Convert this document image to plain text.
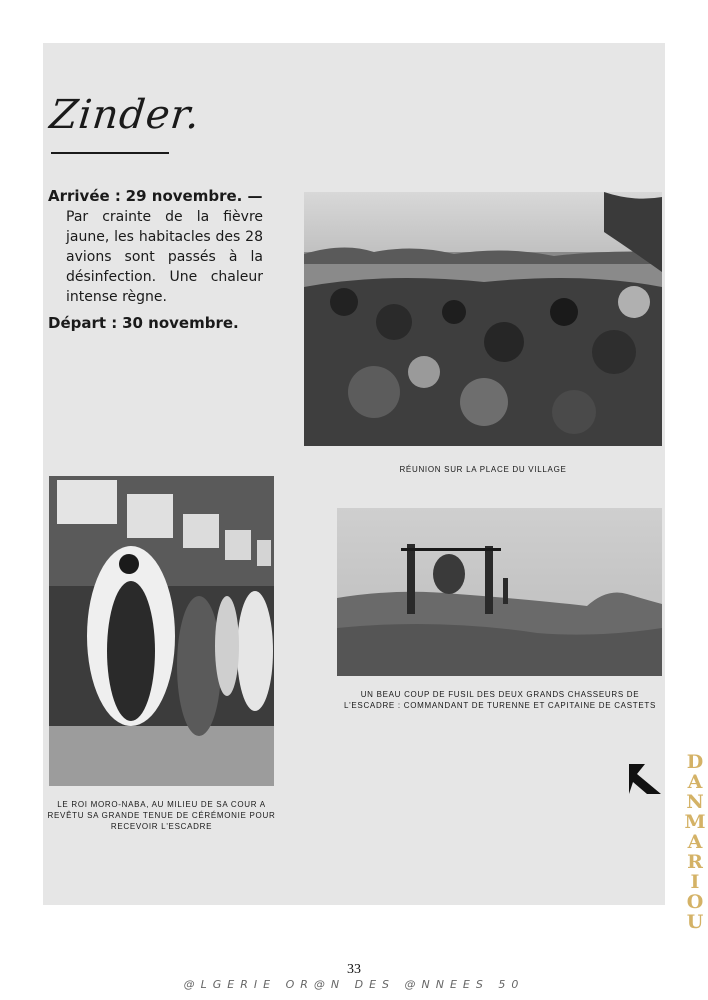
Zinder.

Arrivée : 29 novembre. —

Par crainte de la fièvre jaune, les habitacles des 28 avions sont passés à la désinfection. Une chaleur intense règne.

Départ : 30 novembre.

RÉUNION SUR LA PLACE DU VILLAGE
LE ROI MORO-NABA, AU MILIEU DE SA COUR A REVÊTU SA GRANDE TENUE DE CÉRÉMONIE POUR RECEVOIR L'ESCADRE
UN BEAU COUP DE FUSIL DES DEUX GRANDS CHASSEURS DE L'ESCADRE : COMMANDANT DE TURENNE ET CAPITAINE DE CASTETS
33
@LGERIE OR@N DES @NNEES 50
DANMARIOU
